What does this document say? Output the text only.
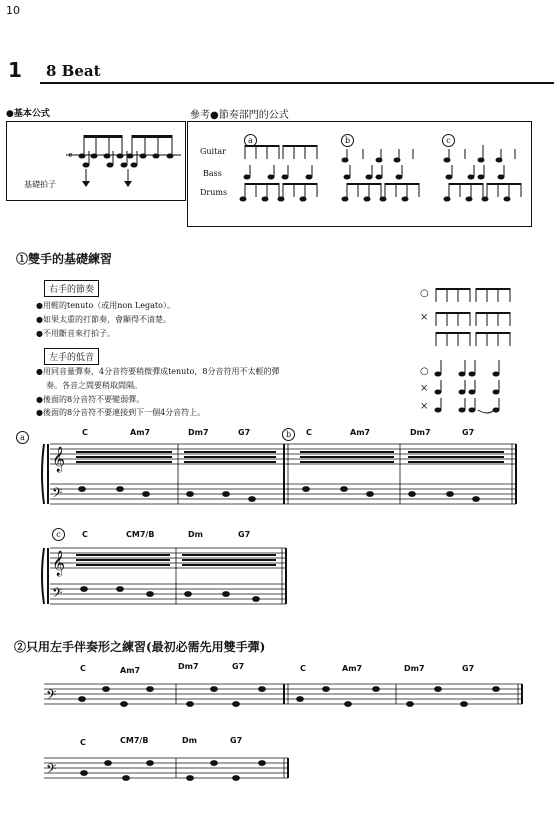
10
1 8 Beat
●基本公式
𝄴
基礎拍子
參考●節奏部門的公式
a	b	c
Guitar
Bass
Drums
①雙手的基礎練習
右手的節奏
●用輕的tenuto（或用non Legato）。
●如果太重的打節奏，會顯得不清楚。
●不用斷音來打拍子。
左手的低音
●用同音量彈奏，4分音符要稍微彈成tenuto，8分音符用不太輕的彈
奏。各音之間要稍取間隔。
●後面的8分音符不要變弱彈。
●後面的8分音符不要連接到下一個4分音符上。
○
×
○
×
×
a
C	Am7	Dm7	G7	b	C	Am7	Dm7	G7
𝄞
𝄢
𝄞
𝄢
𝄢
𝄢
c	C	CM7/B	Dm	G7
②只用左手伴奏形之練習(最初必需先用雙手彈)
C	Am7	Dm7	G7	C	Am7	Dm7	G7
C	CM7/B	Dm	G7
